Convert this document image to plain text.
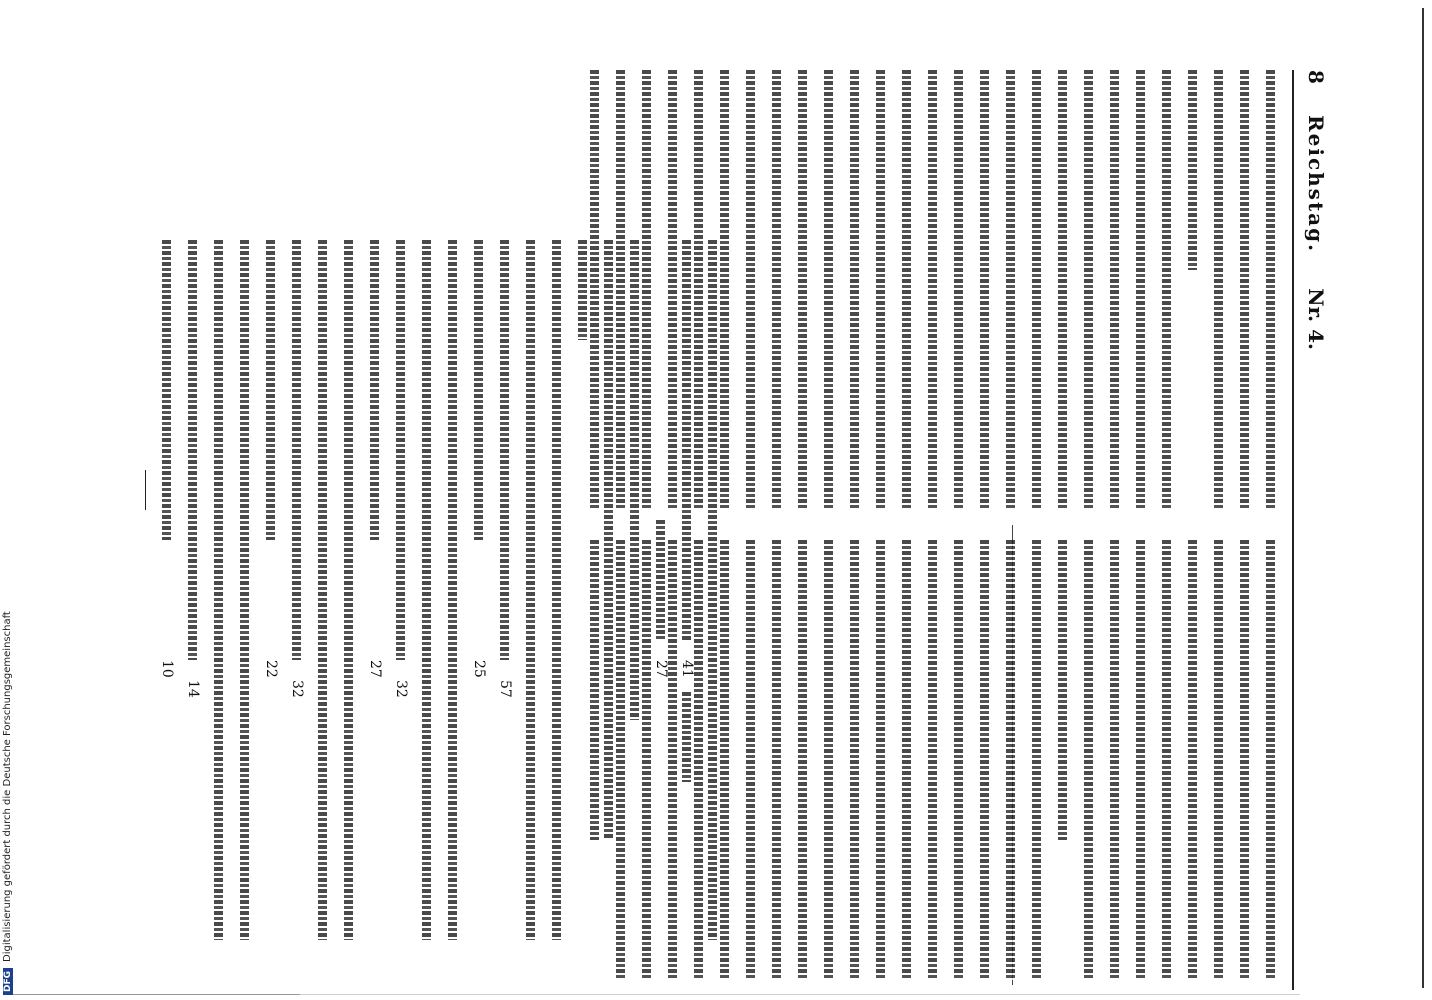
8 Reichstag. Nr. 4.
41
27
57
25
32
27
32
22
14
10
DFGDigitalisierung gefördert durch die Deutsche Forschungsgemeinschaft
